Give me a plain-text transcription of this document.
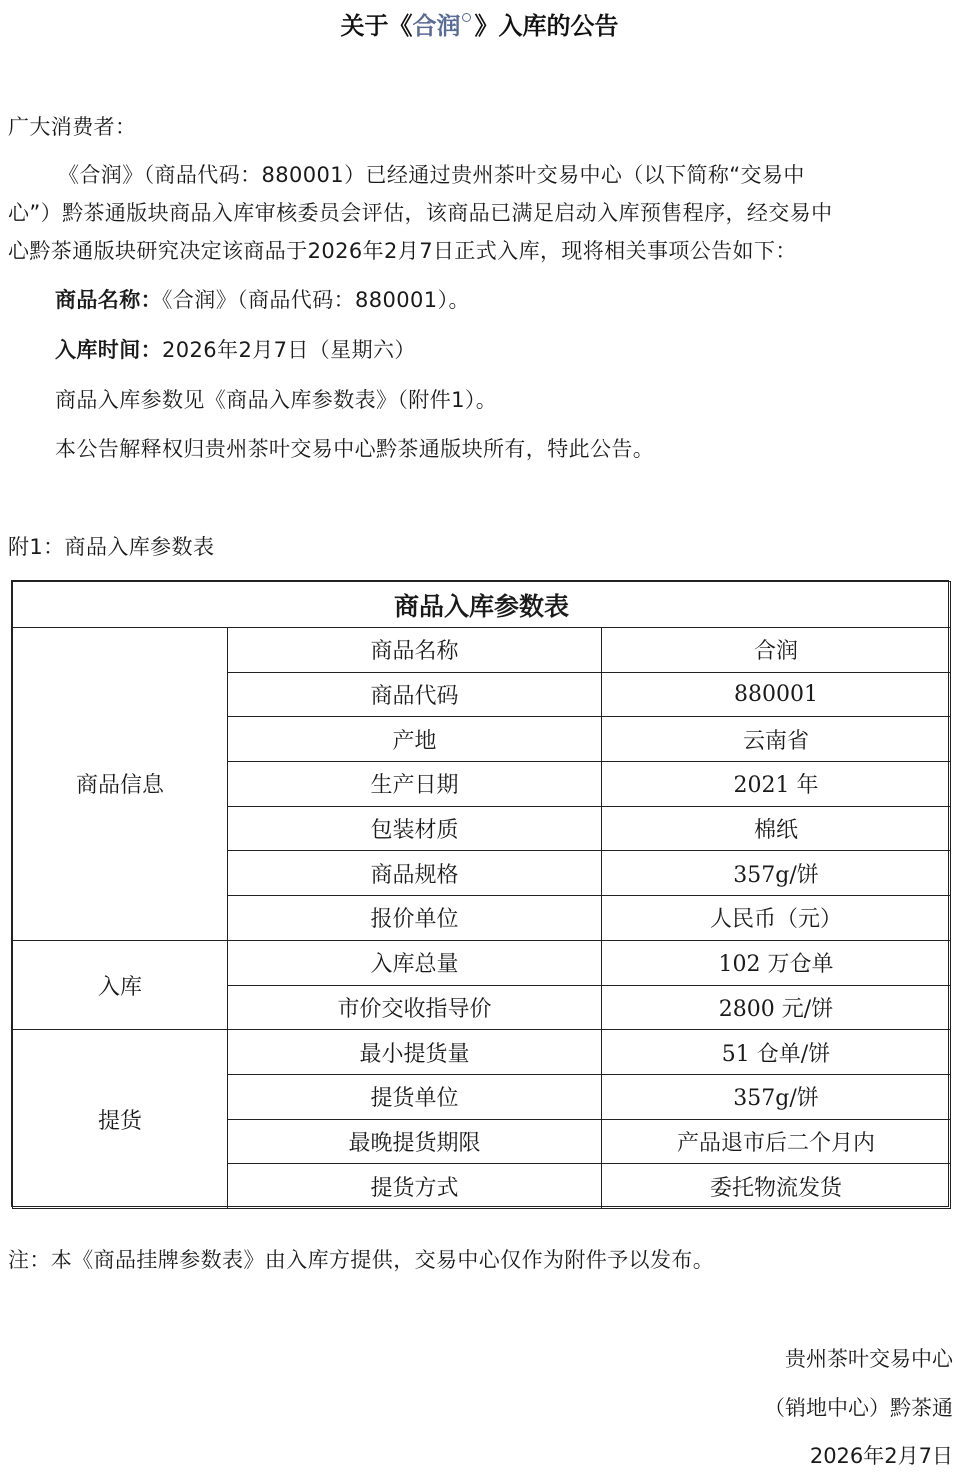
关于《合润 》入库的公告
广大消费者：
《合润》（商品代码：880001）已经通过贵州茶叶交易中心（以下简称“交易中
心”）黔茶通版块商品入库审核委员会评估，该商品已满足启动入库预售程序，经交易中
心黔茶通版块研究决定该商品于2026年2月7日正式入库，现将相关事项公告如下：
商品名称：《合润》（商品代码：880001）。
入库时间：2026年2月7日（星期六）
商品入库参数见《商品入库参数表》（附件1）。
本公告解释权归贵州茶叶交易中心黔茶通版块所有，特此公告。
附1：商品入库参数表
商品入库参数表		
商品信息	商品名称	合润
	商品代码	880001
	产地	云南省
	生产日期	2021 年
	包装材质	棉纸
	商品规格	357g/饼
	报价单位	人民币（元）
入库	入库总量	102 万仓单
	市价交收指导价	2800 元/饼
提货	最小提货量	51 仓单/饼
	提货单位	357g/饼
	最晚提货期限	产品退市后二个月内
	提货方式	委托物流发货
注：本《商品挂牌参数表》由入库方提供，交易中心仅作为附件予以发布。
贵州茶叶交易中心
（销地中心）黔茶通
2026年2月7日
